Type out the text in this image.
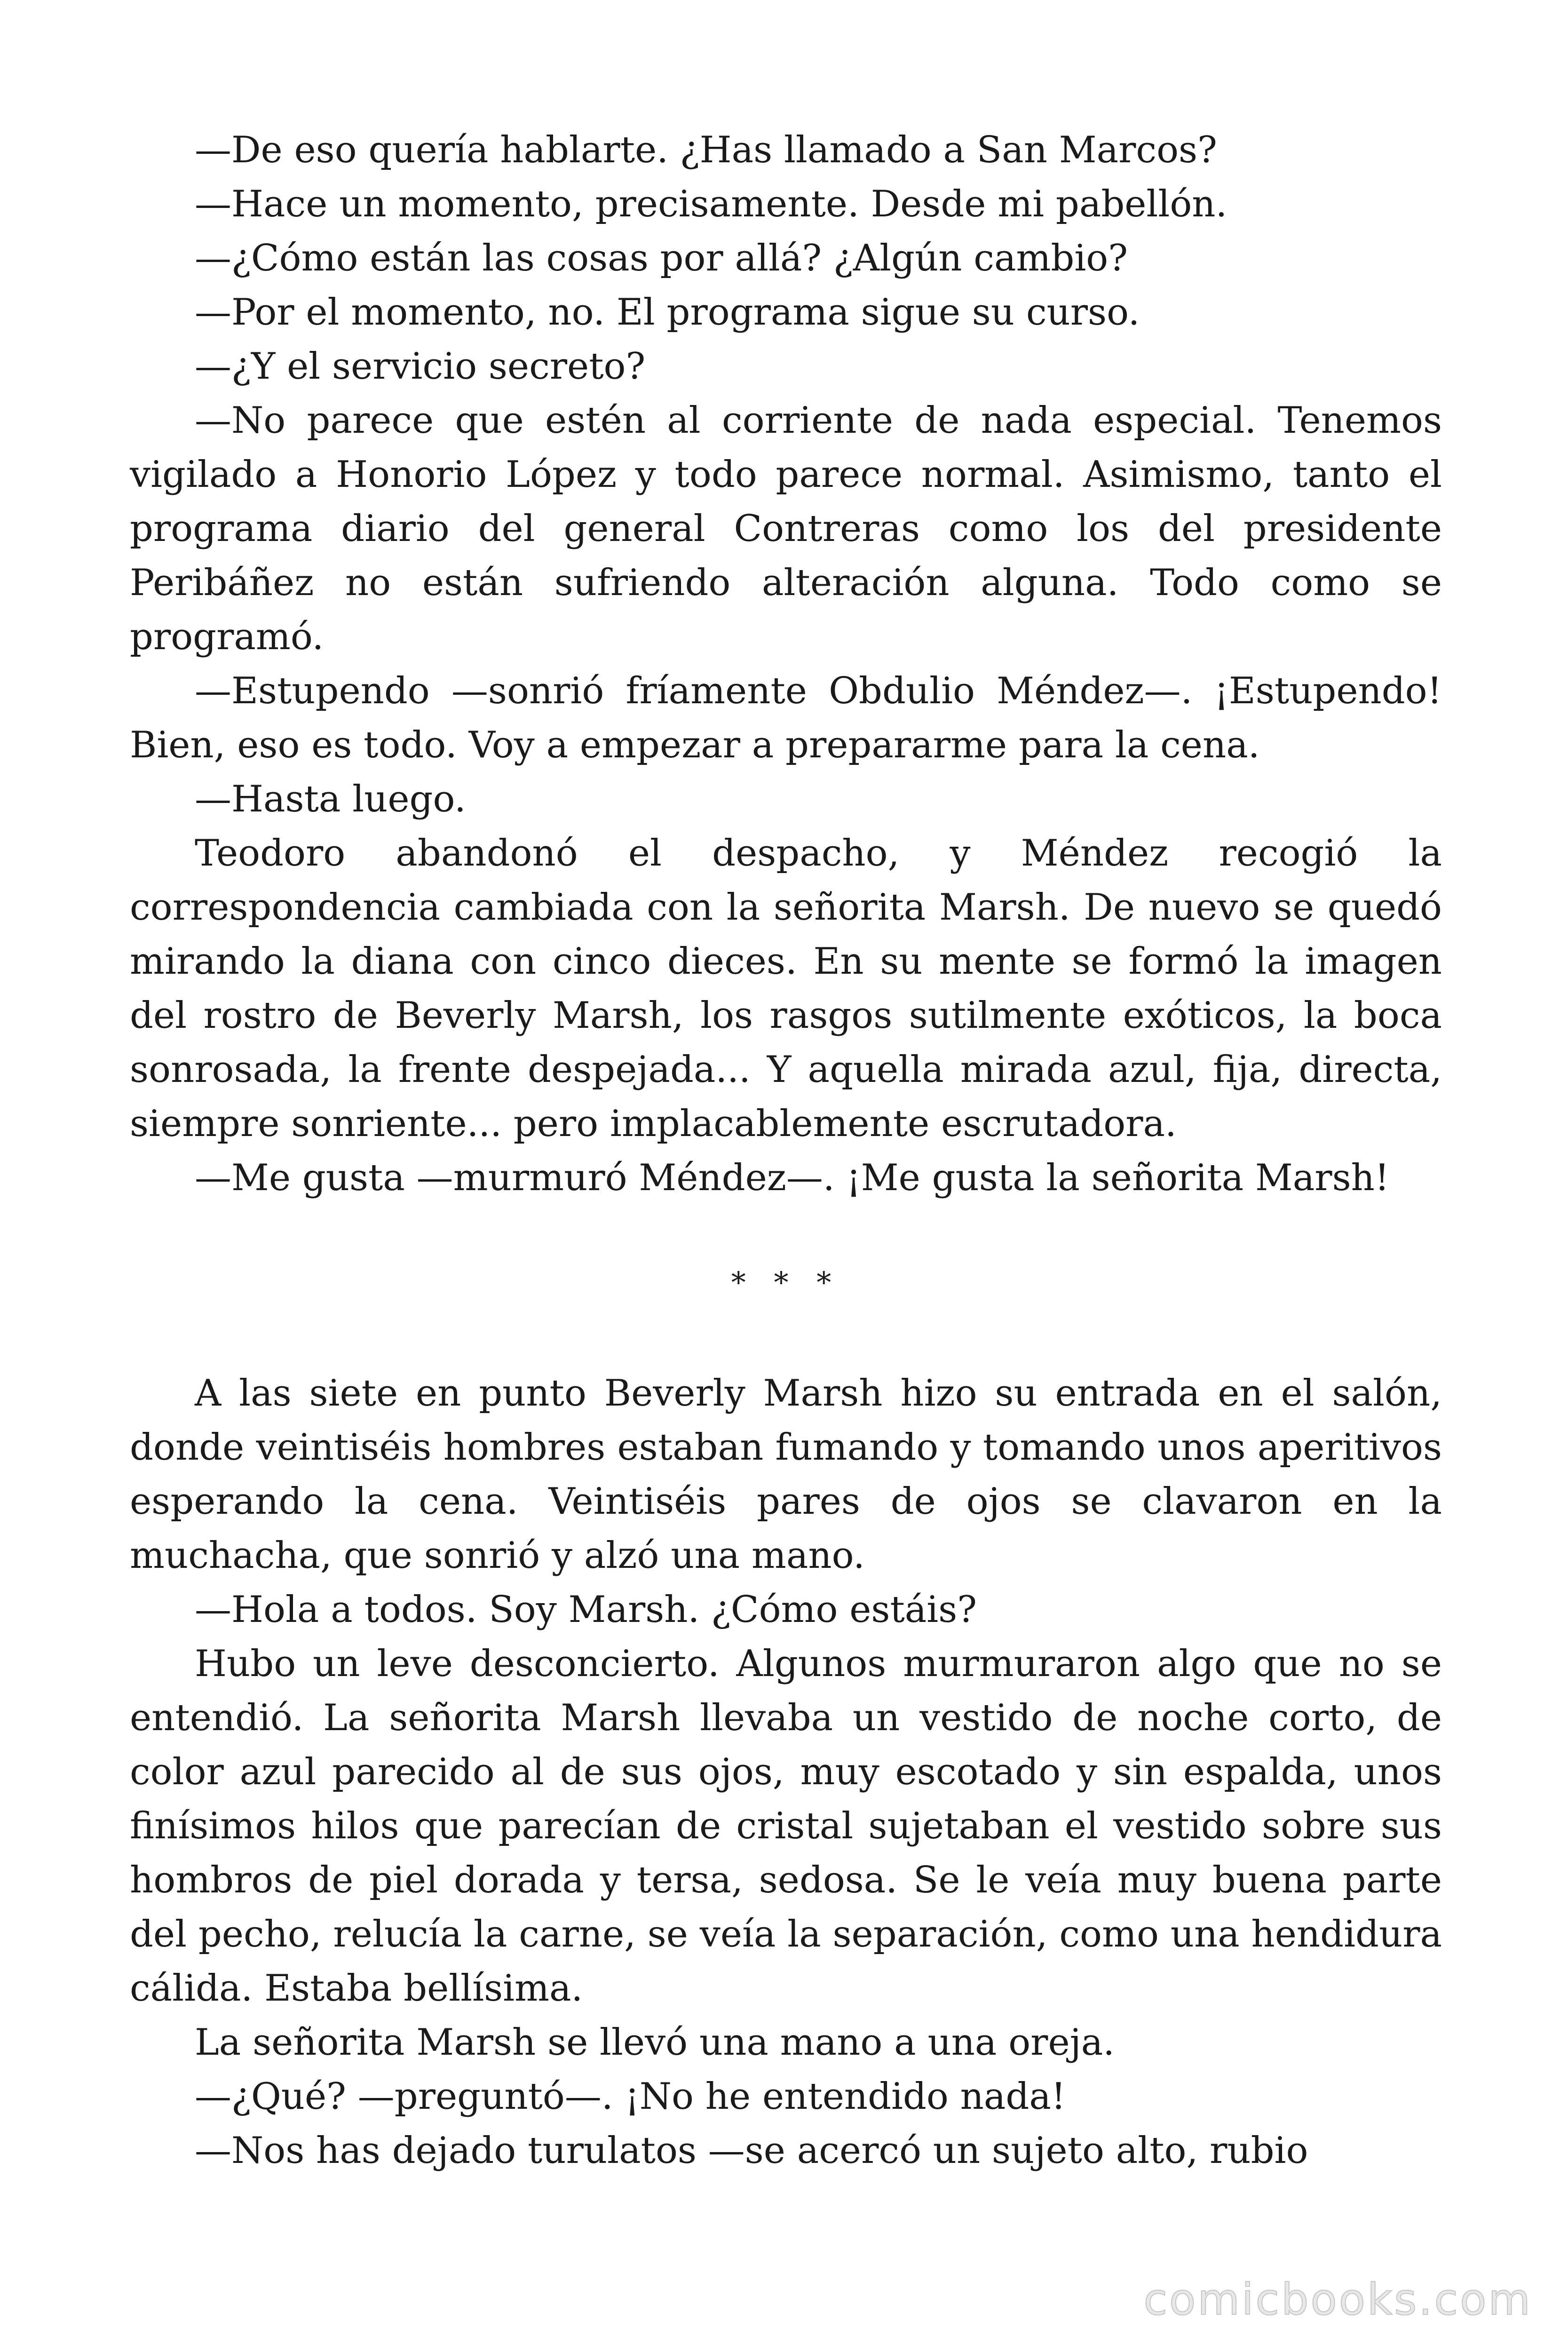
—De eso quería hablarte. ¿Has llamado a San Marcos?

—Hace un momento, precisamente. Desde mi pabellón.

—¿Cómo están las cosas por allá? ¿Algún cambio?

—Por el momento, no. El programa sigue su curso.

—¿Y el servicio secreto?

—No parece que estén al corriente de nada especial. Tenemos vigilado a Honorio López y todo parece normal. Asimismo, tanto el programa diario del general Contreras como los del presidente Peribáñez no están sufriendo alteración alguna. Todo como se programó.

—Estupendo —sonrió fríamente Obdulio Méndez—. ¡Estupendo! Bien, eso es todo. Voy a empezar a prepararme para la cena.

—Hasta luego.

Teodoro abandonó el despacho, y Méndez recogió la correspondencia cambiada con la señorita Marsh. De nuevo se quedó mirando la diana con cinco dieces. En su mente se formó la imagen del rostro de Beverly Marsh, los rasgos sutilmente exóticos, la boca sonrosada, la frente despejada... Y aquella mirada azul, fija, directa, siempre sonriente... pero implacablemente escrutadora.

—Me gusta —murmuró Méndez—. ¡Me gusta la señorita Marsh!

* * *

A las siete en punto Beverly Marsh hizo su entrada en el salón, donde veintiséis hombres estaban fumando y tomando unos aperitivos esperando la cena. Veintiséis pares de ojos se clavaron en la muchacha, que sonrió y alzó una mano.

—Hola a todos. Soy Marsh. ¿Cómo estáis?

Hubo un leve desconcierto. Algunos murmuraron algo que no se entendió. La señorita Marsh llevaba un vestido de noche corto, de color azul parecido al de sus ojos, muy escotado y sin espalda, unos finísimos hilos que parecían de cristal sujetaban el vestido sobre sus hombros de piel dorada y tersa, sedosa. Se le veía muy buena parte del pecho, relucía la carne, se veía la separación, como una hendidura cálida. Estaba bellísima.

La señorita Marsh se llevó una mano a una oreja.

—¿Qué? —preguntó—. ¡No he entendido nada!

—Nos has dejado turulatos —se acercó un sujeto alto, rubio

comicbooks.com
